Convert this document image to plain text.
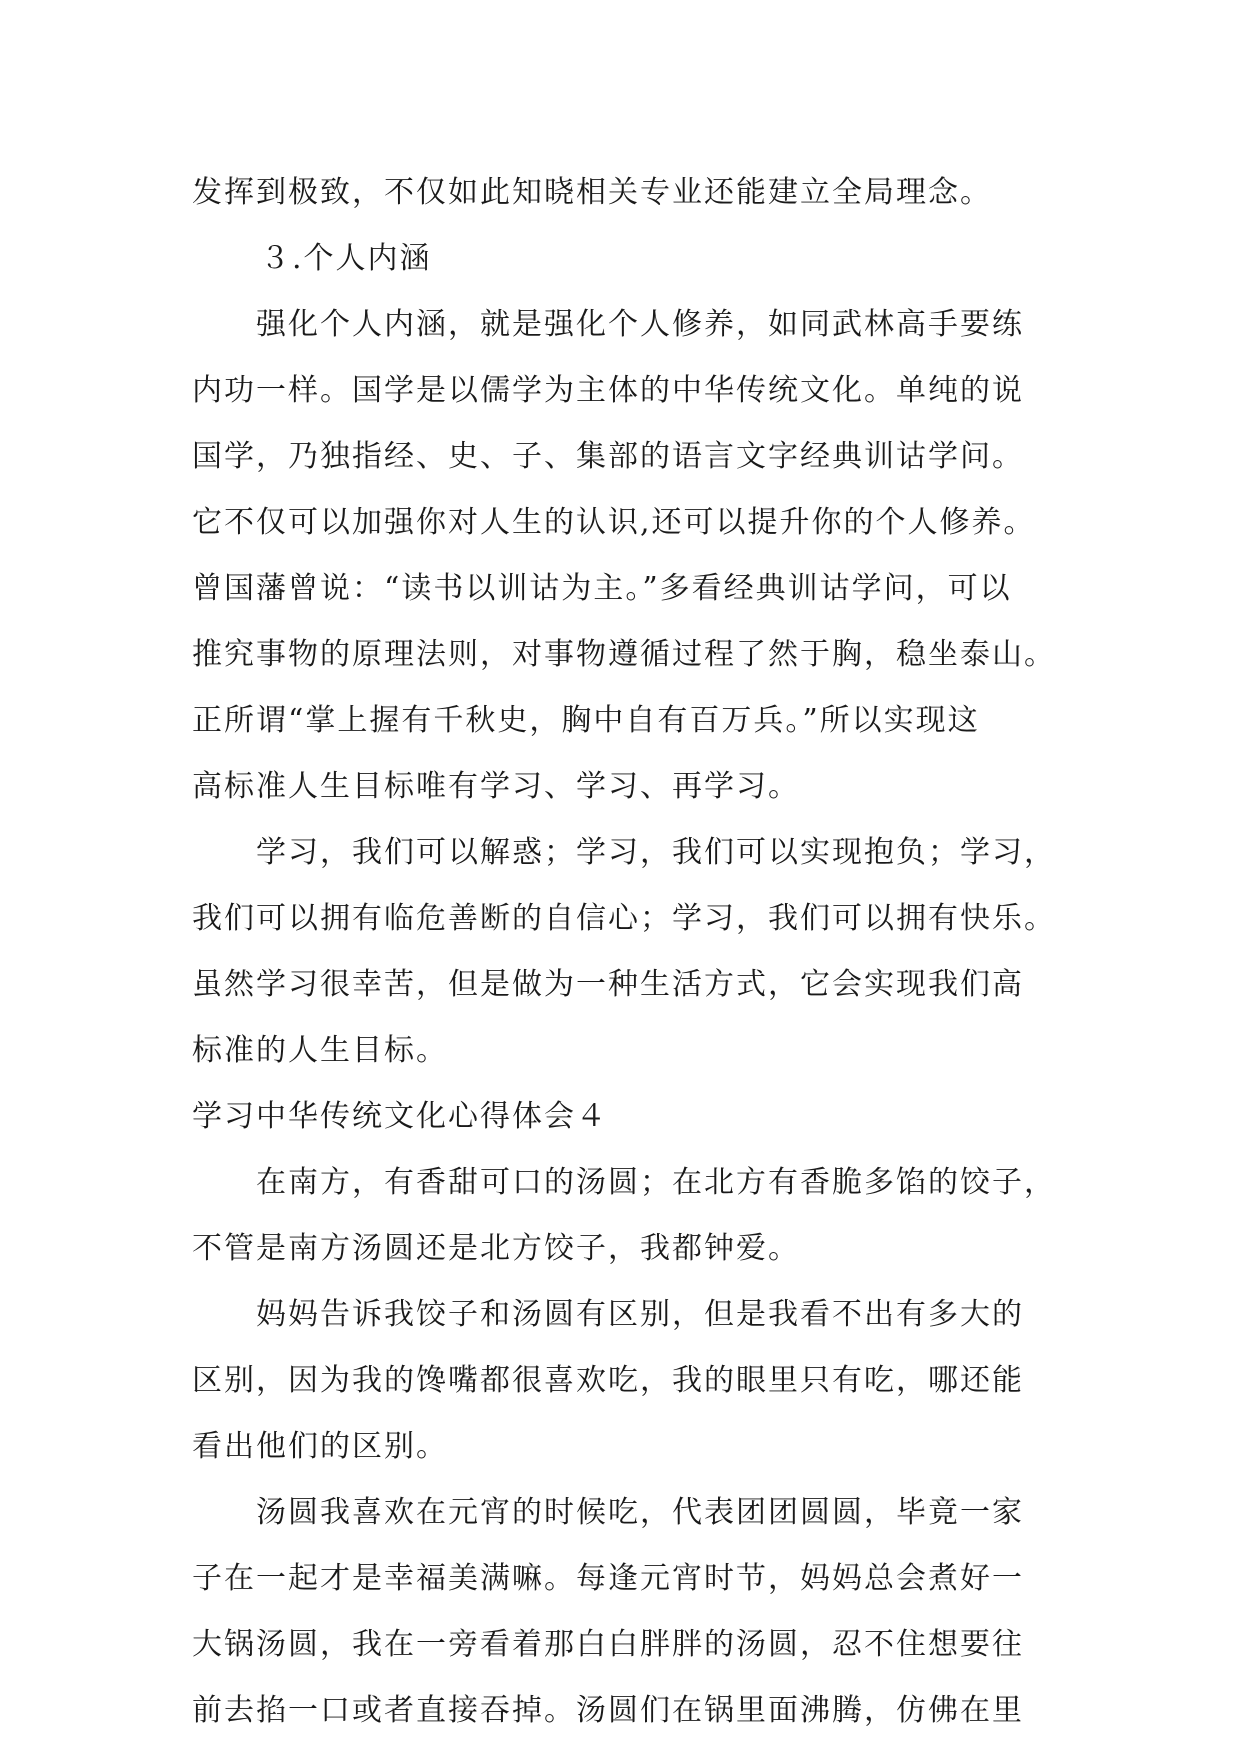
发挥到极致，不仅如此知晓相关专业还能建立全局理念。
３.个人内涵
强化个人内涵，就是强化个人修养，如同武林高手要练
内功一样。国学是以儒学为主体的中华传统文化。单纯的说
国学，乃独指经、史、子、集部的语言文字经典训诂学问。
它不仅可以加强你对人生的认识,还可以提升你的个人修养。
曾国藩曾说：“读书以训诂为主。”多看经典训诂学问，可以
推究事物的原理法则，对事物遵循过程了然于胸，稳坐泰山。
正所谓“掌上握有千秋史，胸中自有百万兵。”所以实现这
高标准人生目标唯有学习、学习、再学习。
学习，我们可以解惑；学习，我们可以实现抱负；学习，
我们可以拥有临危善断的自信心；学习，我们可以拥有快乐。
虽然学习很幸苦，但是做为一种生活方式，它会实现我们高
标准的人生目标。
学习中华传统文化心得体会４
在南方，有香甜可口的汤圆；在北方有香脆多馅的饺子，
不管是南方汤圆还是北方饺子，我都钟爱。
妈妈告诉我饺子和汤圆有区别，但是我看不出有多大的
区别，因为我的馋嘴都很喜欢吃，我的眼里只有吃，哪还能
看出他们的区别。
汤圆我喜欢在元宵的时候吃，代表团团圆圆，毕竟一家
子在一起才是幸福美满嘛。每逢元宵时节，妈妈总会煮好一
大锅汤圆，我在一旁看着那白白胖胖的汤圆，忍不住想要往
前去掐一口或者直接吞掉。汤圆们在锅里面沸腾，仿佛在里
